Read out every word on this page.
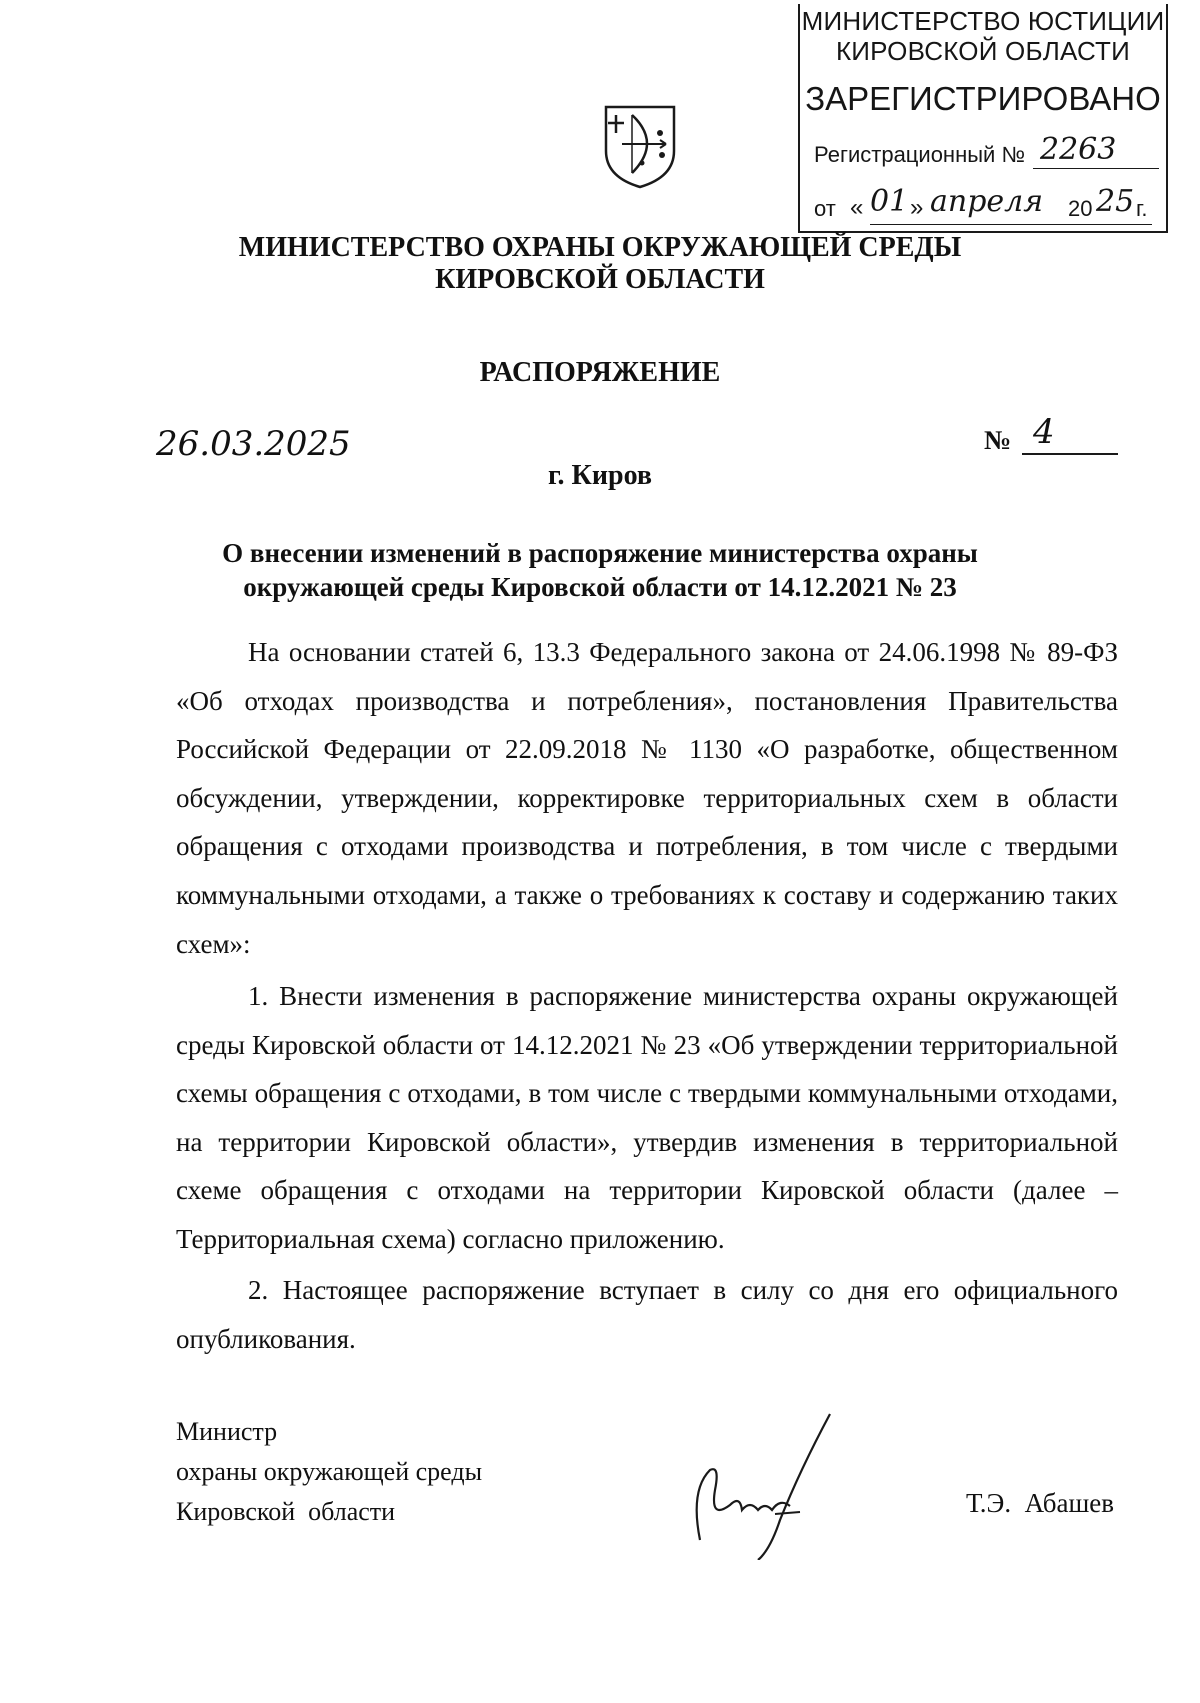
МИНИСТЕРСТВО ЮСТИЦИИ
КИРОВСКОЙ ОБЛАСТИ
ЗАРЕГИСТРИРОВАНО
Регистрационный № 2263
от « 01 » апреля 20 25 г.
МИНИСТЕРСТВО ОХРАНЫ ОКРУЖАЮЩЕЙ СРЕДЫ
КИРОВСКОЙ ОБЛАСТИ
РАСПОРЯЖЕНИЕ
26.03.2025	№ 4
г. Киров
О внесении изменений в распоряжение министерства охраны
окружающей среды Кировской области от 14.12.2021 № 23
На основании статей 6, 13.3 Федерального закона от 24.06.1998 № 89-ФЗ «Об отходах производства и потребления», постановления Правительства Российской Федерации от 22.09.2018 № 1130 «О разработке, общественном обсуждении, утверждении, корректировке территориальных схем в области обращения с отходами производства и потребления, в том числе с твердыми коммунальными отходами, а также о требованиях к составу и содержанию таких схем»:
1. Внести изменения в распоряжение министерства охраны окружающей среды Кировской области от 14.12.2021 № 23 «Об утверждении территориальной схемы обращения с отходами, в том числе с твердыми коммунальными отходами, на территории Кировской области», утвердив изменения в территориальной схеме обращения с отходами на территории Кировской области (далее – Территориальная схема) согласно приложению.
2. Настоящее распоряжение вступает в силу со дня его официального опубликования.
Министр
охраны окружающей среды
Кировской  области	Т.Э.  Абашев
